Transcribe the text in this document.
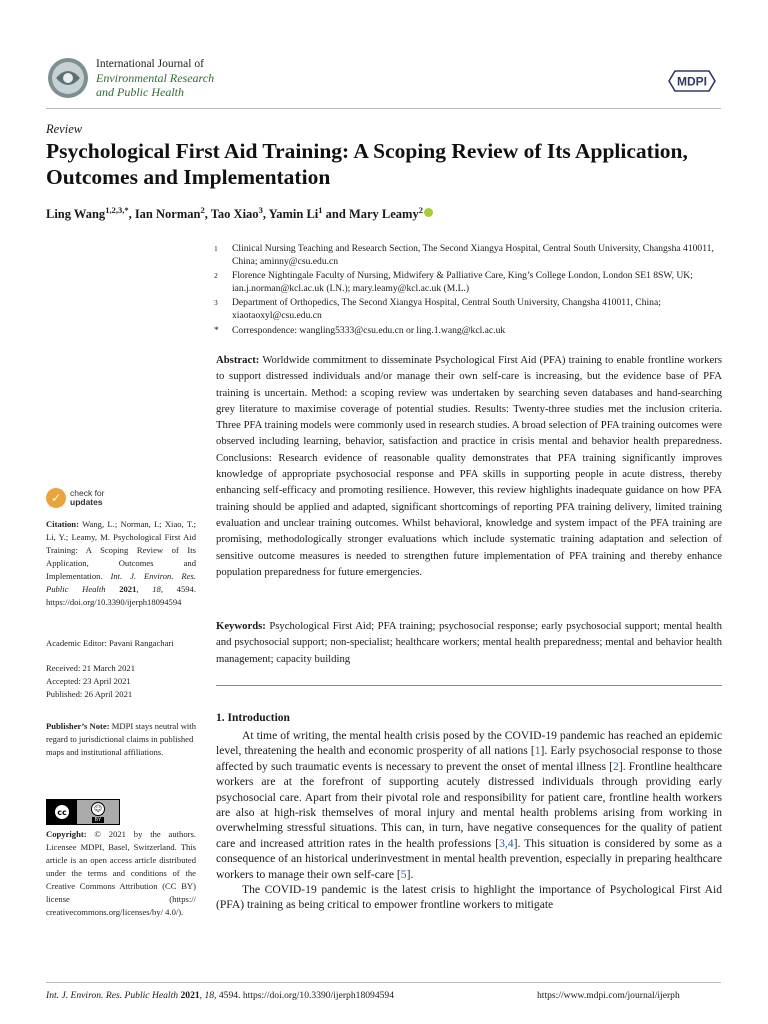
International Journal of
Environmental Research
and Public Health
MDPI
Review
Psychological First Aid Training: A Scoping Review of Its Application, Outcomes and Implementation
Ling Wang$^{1,2,3,*}$, Ian Norman$^2$, Tao Xiao$^3$, Yamin Li$^1$ and Mary Leamy$^2$
1	Clinical Nursing Teaching and Research Section, The Second Xiangya Hospital, Central South University, Changsha 410011, China; aminny@csu.edu.cn
2	Florence Nightingale Faculty of Nursing, Midwifery & Palliative Care, King’s College London, London SE1 8SW, UK; ian.j.norman@kcl.ac.uk (I.N.); mary.leamy@kcl.ac.uk (M.L.)
3	Department of Orthopedics, The Second Xiangya Hospital, Central South University, Changsha 410011, China; xiaotaoxyl@csu.edu.cn
*	Correspondence: wangling5333@csu.edu.cn or ling.1.wang@kcl.ac.uk
Abstract: Worldwide commitment to disseminate Psychological First Aid (PFA) training to enable frontline workers to support distressed individuals and/or manage their own self-care is increasing, but the evidence base of PFA training is uncertain. Method: a scoping review was undertaken by searching seven databases and hand-searching grey literature to maximise coverage of potential studies. Results: Twenty-three studies met the inclusion criteria. Three PFA training models were commonly used in research studies. A broad selection of PFA training outcomes were observed including learning, behavior, satisfaction and practice in crisis mental and behavior health preparedness. Conclusions: Research evidence of reasonable quality demonstrates that PFA training significantly improves knowledge of appropriate psychosocial response and PFA skills in supporting people in acute distress, thereby enhancing self-efficacy and promoting resilience. However, this review highlights inadequate guidance on how PFA training should be applied and adapted, significant shortcomings of reporting PFA training delivery, limited training evaluation and unclear training outcomes. Whilst behavioral, knowledge and system impact of the PFA training are promising, methodologically stronger evaluations which include systematic training adaptation and selection of sensitive outcome measures is needed to strengthen future implementation of PFA training and thereby enhance population preparedness for future emergencies.
Keywords: Psychological First Aid; PFA training; psychosocial response; early psychosocial support; mental health and psychosocial support; non-specialist; healthcare workers; mental health preparedness; mental and behavior health management; capacity building
1. Introduction

At time of writing, the mental health crisis posed by the COVID-19 pandemic has reached an epidemic level, threatening the health and economic prosperity of all nations [1]. Early psychosocial response to those affected by such traumatic events is necessary to prevent the onset of mental illness [2]. Frontline healthcare workers are at the forefront of supporting acutely distressed individuals through providing early psychosocial care. Apart from their pivotal role and responsibility for patient care, frontline health workers are also at high-risk themselves of moral injury and mental health problems arising from working in overwhelming stressful situations. This can, in turn, have negative consequences for the quality of patient care and increased attrition rates in the health professions [3,4]. This situation is considered by some as a consequence of an historical underinvestment in mental health prevention, especially in preparing healthcare workers to manage their own self-care [5].

The COVID-19 pandemic is the latest crisis to highlight the importance of Psychological First Aid (PFA) training as being critical to empower frontline workers to mitigate

✓	check for
updates
Citation: Wang, L.; Norman, I.; Xiao, T.; Li, Y.; Leamy, M. Psychological First Aid Training: A Scoping Review of Its Application, Outcomes and Implementation. Int. J. Environ. Res. Public Health 2021, 18, 4594. https://doi.org/10.3390/ijerph18094594
Academic Editor: Pavani Rangachari
Received: 21 March 2021
Accepted: 23 April 2021
Published: 26 April 2021
Publisher’s Note: MDPI stays neutral with regard to jurisdictional claims in published maps and institutional affiliations.
cc	☺
BY
Copyright: © 2021 by the authors. Licensee MDPI, Basel, Switzerland. This article is an open access article distributed under the terms and conditions of the Creative Commons Attribution (CC BY) license (https:// creativecommons.org/licenses/by/ 4.0/).
Int. J. Environ. Res. Public Health 2021, 18, 4594. https://doi.org/10.3390/ijerph18094594	https://www.mdpi.com/journal/ijerph
